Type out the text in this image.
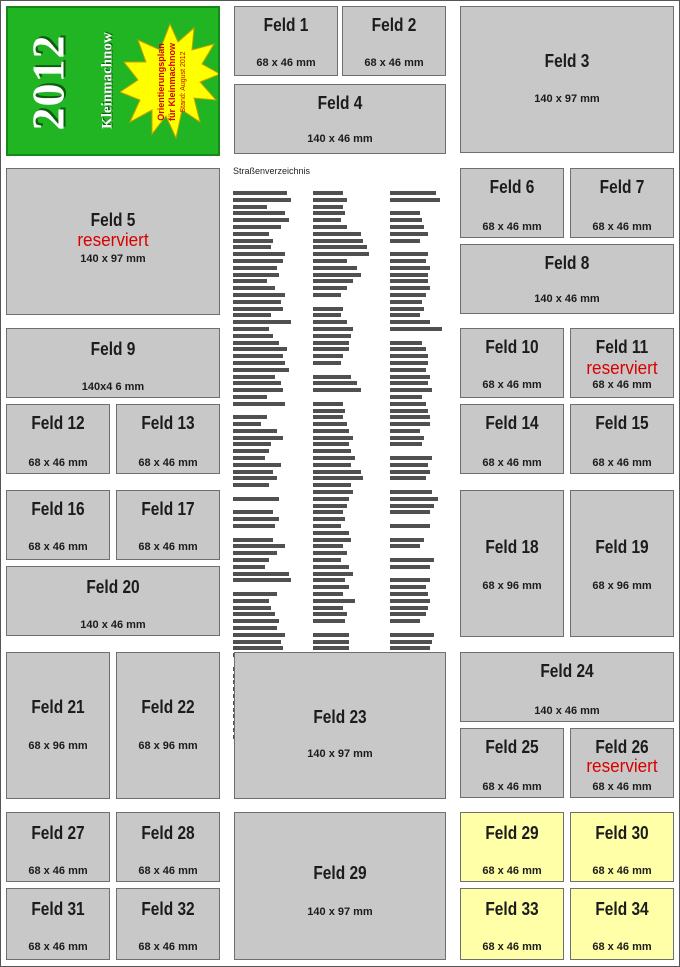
2012 Kleinmachnow	Orientierungsplan für Kleinmachnow Stand: August 2012
Straßenverzeichnis
Feld 1
68 x 46 mm
Feld 2
68 x 46 mm	Feld 3
140 x 97 mm
Feld 4
140 x 46 mm
Feld 5
reserviert
140 x 97 mm
Feld 6
68 x 46 mm
Feld 7
68 x 46 mm
Feld 8
140 x 46 mm
Feld 9
140x4 6 mm
Feld 10
68 x 46 mm
Feld 11
reserviert
68 x 46 mm
Feld 12
68 x 46 mm
Feld 13
68 x 46 mm
Feld 14
68 x 46 mm
Feld 15
68 x 46 mm
Feld 16
68 x 46 mm
Feld 17
68 x 46 mm	Feld 18
68 x 96 mm
Feld 19
68 x 96 mm
Feld 20
140 x 46 mm
Feld 21
68 x 96 mm
Feld 22
68 x 96 mm
Feld 23
140 x 97 mm
Feld 24
140 x 46 mm
Feld 25
68 x 46 mm
Feld 26
reserviert
68 x 46 mm
Feld 27
68 x 46 mm
Feld 28
68 x 46 mm	Feld 29
140 x 97 mm
Feld 29
68 x 46 mm
Feld 30
68 x 46 mm
Feld 31
68 x 46 mm
Feld 32
68 x 46 mm
Feld 33
68 x 46 mm
Feld 34
68 x 46 mm
